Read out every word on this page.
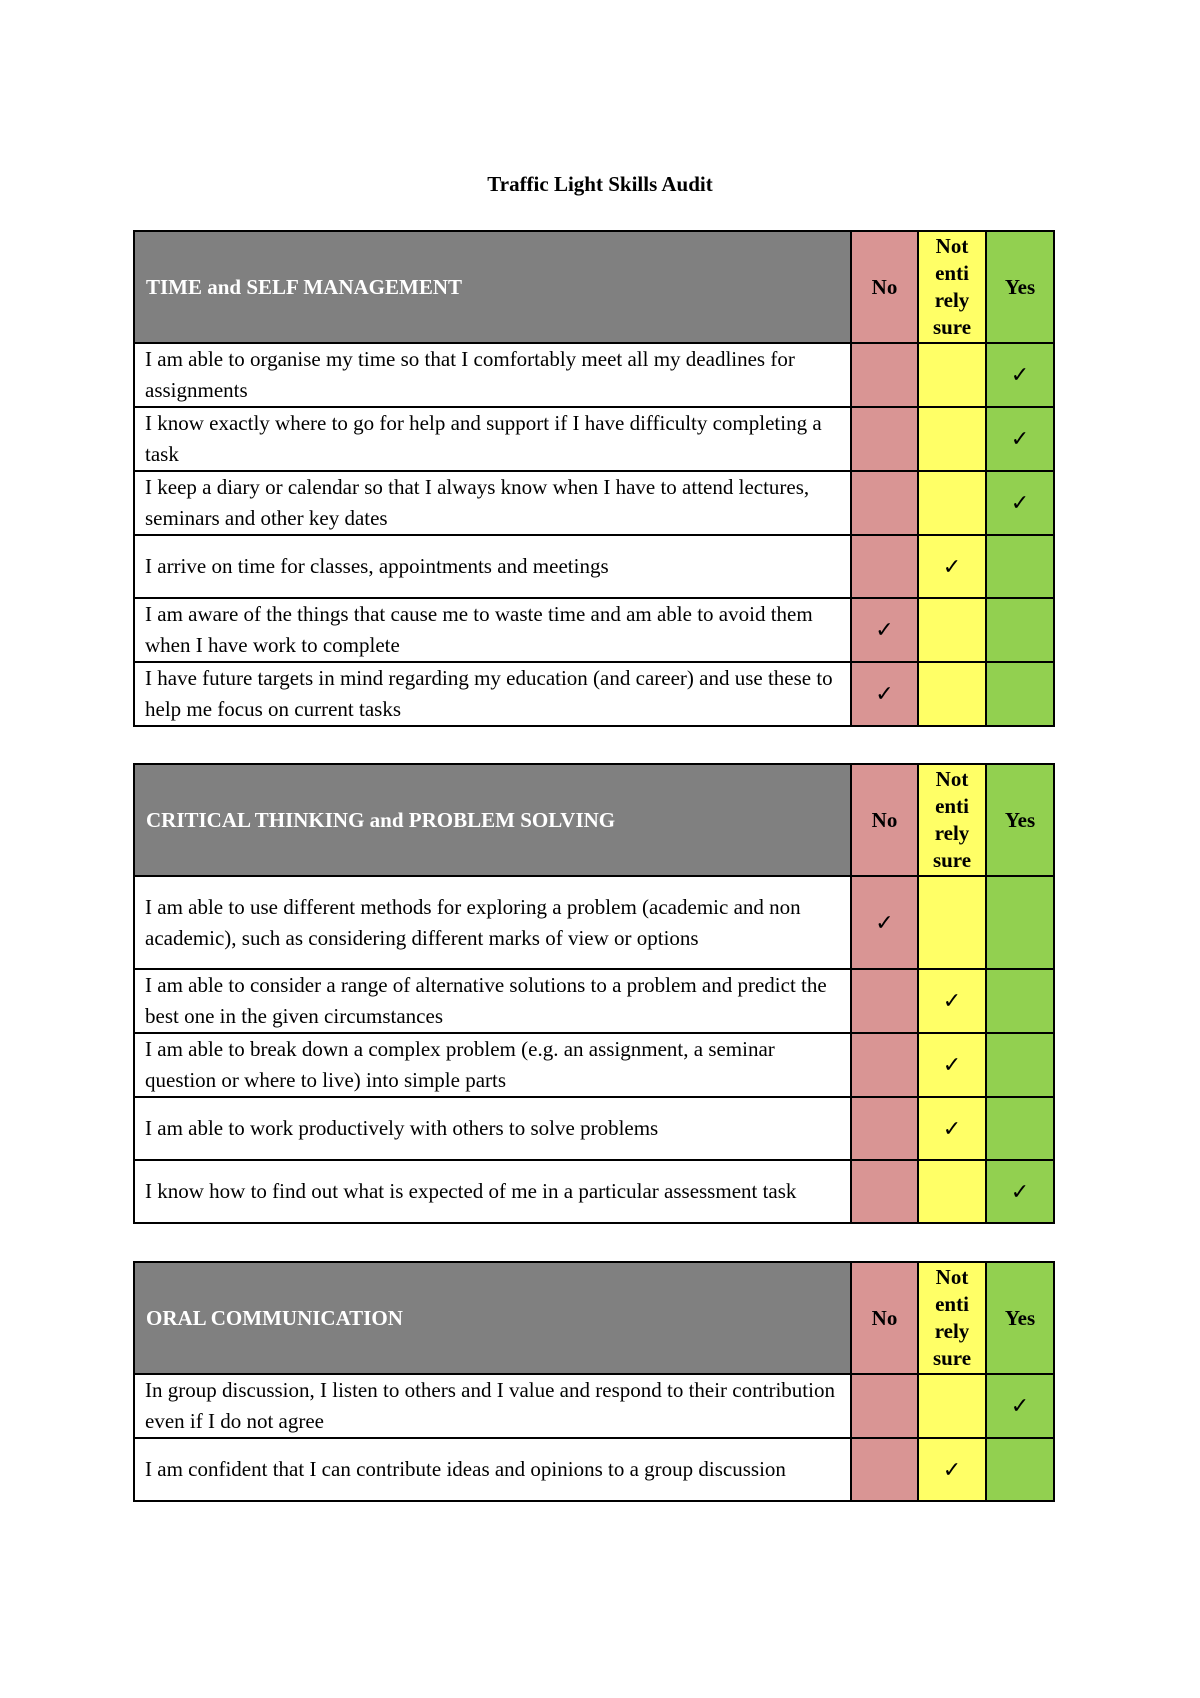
Traffic Light Skills Audit
TIME and SELF MANAGEMENT	No	Not enti rely sure	Yes
I am able to organise my time so that I comfortably meet all my deadlines for assignments			✓
I know exactly where to go for help and support if I have difficulty completing a task			✓
I keep a diary or calendar so that I always know when I have to attend lectures, seminars and other key dates			✓
I arrive on time for classes, appointments and meetings		✓	
I am aware of the things that cause me to waste time and am able to avoid them when I have work to complete	✓		
I have future targets in mind regarding my education (and career) and use these to help me focus on current tasks	✓		
CRITICAL THINKING and PROBLEM SOLVING	No	Not enti rely sure	Yes
I am able to use different methods for exploring a problem (academic and non academic), such as considering different marks of view or options	✓		
I am able to consider a range of alternative solutions to a problem and predict the best one in the given circumstances		✓	
I am able to break down a complex problem (e.g. an assignment, a seminar question or where to live) into simple parts		✓	
I am able to work productively with others to solve problems		✓	
I know how to find out what is expected of me in a particular assessment task			✓
ORAL COMMUNICATION	No	Not enti rely sure	Yes
In group discussion, I listen to others and I value and respond to their contribution even if I do not agree			✓
I am confident that I can contribute ideas and opinions to a group discussion		✓	
